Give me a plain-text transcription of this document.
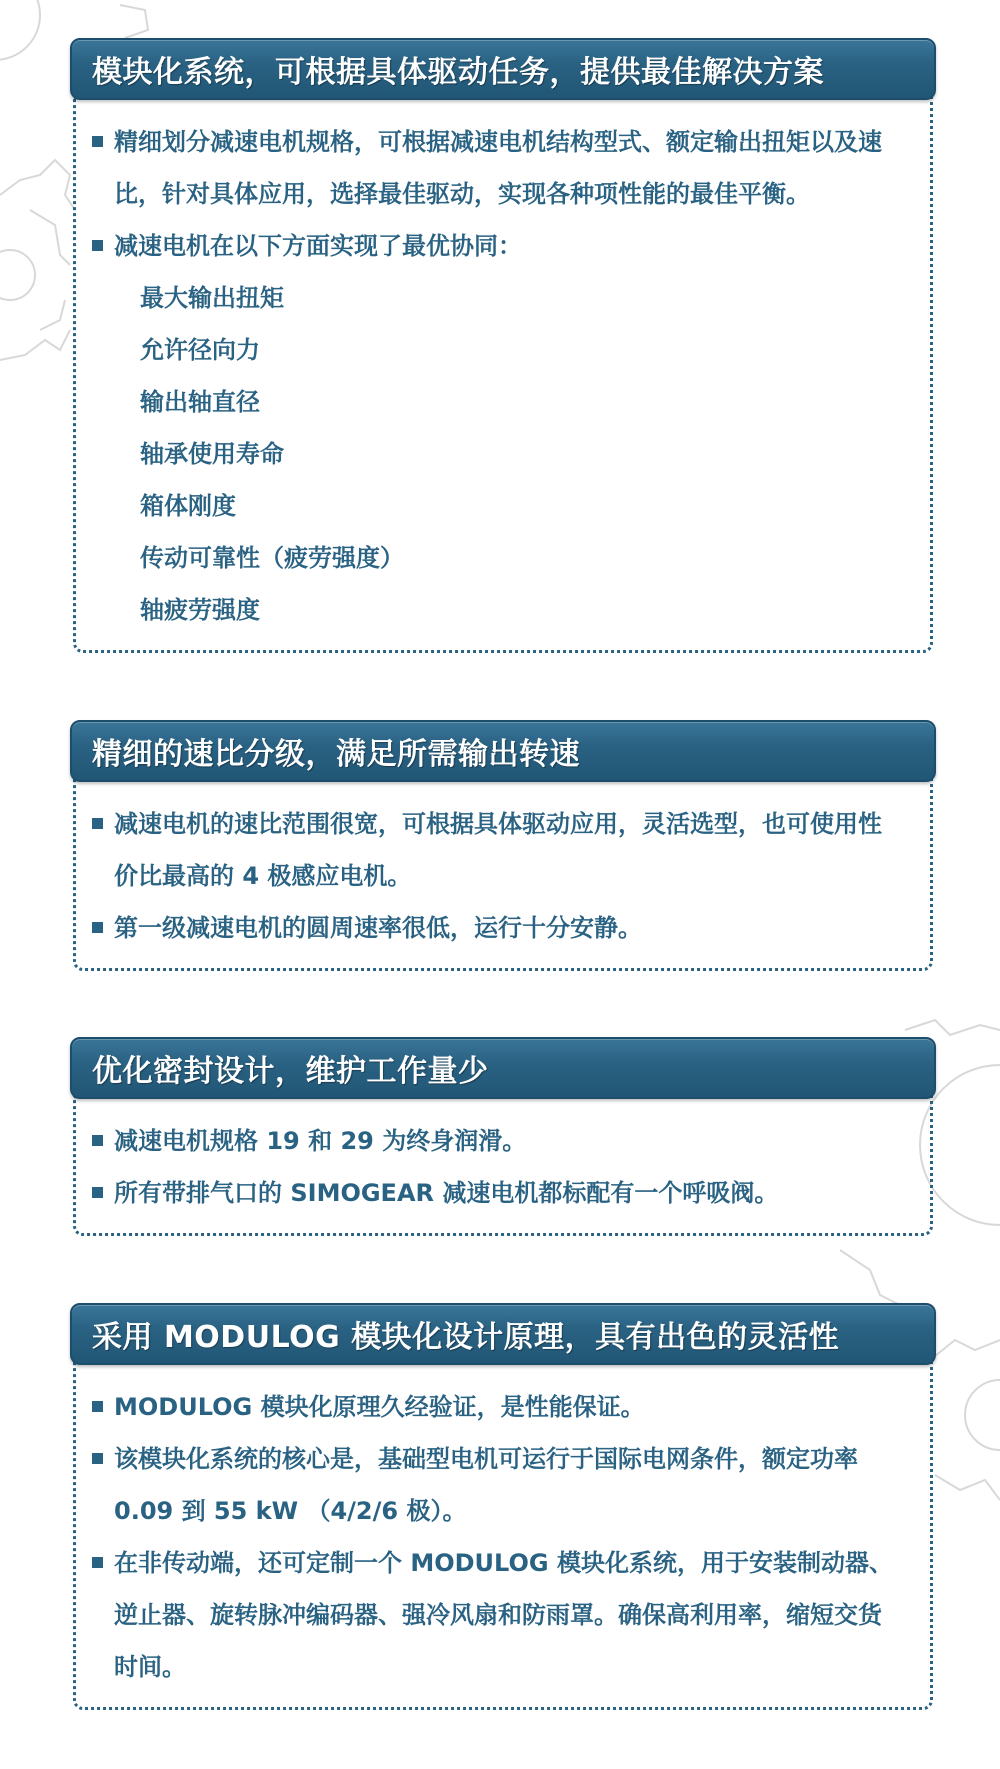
模块化系统，可根据具体驱动任务，提供最佳解决方案
精细划分减速电机规格，可根据减速电机结构型式、额定输出扭矩以及速
比，针对具体应用，选择最佳驱动，实现各种项性能的最佳平衡。
减速电机在以下方面实现了最优协同：
最大输出扭矩
允许径向力
输出轴直径
轴承使用寿命
箱体刚度
传动可靠性（疲劳强度）
轴疲劳强度
精细的速比分级，满足所需输出转速
减速电机的速比范围很宽，可根据具体驱动应用，灵活选型，也可使用性
价比最高的 4 极感应电机。
第一级减速电机的圆周速率很低，运行十分安静。
优化密封设计，维护工作量少
减速电机规格 19 和 29 为终身润滑。
所有带排气口的 SIMOGEAR 减速电机都标配有一个呼吸阀。
采用 MODULOG 模块化设计原理，具有出色的灵活性
MODULOG 模块化原理久经验证，是性能保证。
该模块化系统的核心是，基础型电机可运行于国际电网条件，额定功率
0.09 到 55 kW （4/2/6 极）。
在非传动端，还可定制一个 MODULOG 模块化系统，用于安装制动器、
逆止器、旋转脉冲编码器、强冷风扇和防雨罩。确保高利用率，缩短交货
时间。
